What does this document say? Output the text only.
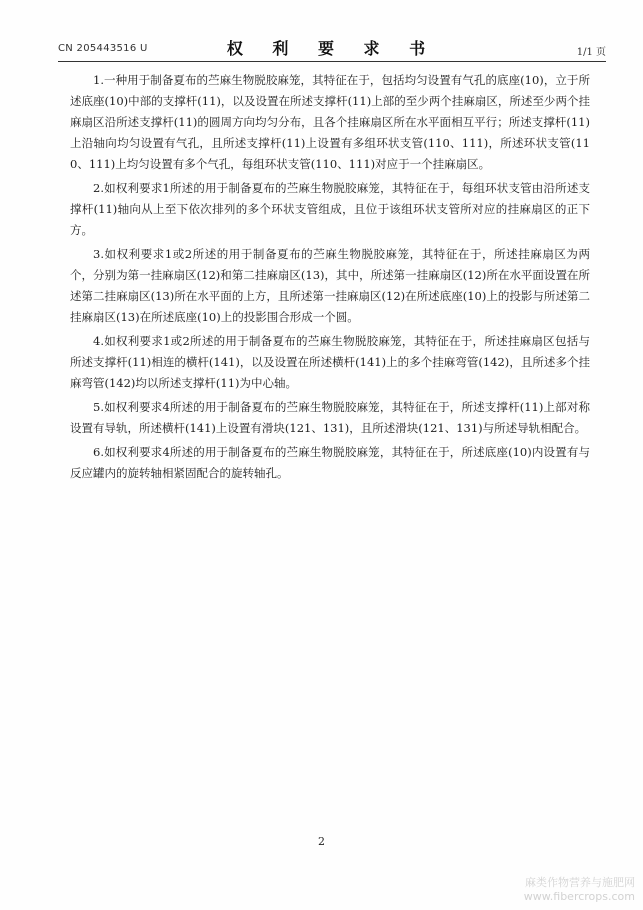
CN 205443516 U	权 利 要 求 书	1/1 页

1.一种用于制备夏布的苎麻生物脱胶麻笼，其特征在于，包括均匀设置有气孔的底座(10)，立于所述底座(10)中部的支撑杆(11)，以及设置在所述支撑杆(11)上部的至少两个挂麻扇区，所述至少两个挂麻扇区沿所述支撑杆(11)的圆周方向均匀分布，且各个挂麻扇区所在水平面相互平行；所述支撑杆(11)上沿轴向均匀设置有气孔，且所述支撑杆(11)上设置有多组环状支管(110、111)，所述环状支管(110、111)上均匀设置有多个气孔，每组环状支管(110、111)对应于一个挂麻扇区。

2.如权利要求1所述的用于制备夏布的苎麻生物脱胶麻笼，其特征在于，每组环状支管由沿所述支撑杆(11)轴向从上至下依次排列的多个环状支管组成，且位于该组环状支管所对应的挂麻扇区的正下方。

3.如权利要求1或2所述的用于制备夏布的苎麻生物脱胶麻笼，其特征在于，所述挂麻扇区为两个，分别为第一挂麻扇区(12)和第二挂麻扇区(13)，其中，所述第一挂麻扇区(12)所在水平面设置在所述第二挂麻扇区(13)所在水平面的上方，且所述第一挂麻扇区(12)在所述底座(10)上的投影与所述第二挂麻扇区(13)在所述底座(10)上的投影围合形成一个圆。

4.如权利要求1或2所述的用于制备夏布的苎麻生物脱胶麻笼，其特征在于，所述挂麻扇区包括与所述支撑杆(11)相连的横杆(141)，以及设置在所述横杆(141)上的多个挂麻弯管(142)，且所述多个挂麻弯管(142)均以所述支撑杆(11)为中心轴。

5.如权利要求4所述的用于制备夏布的苎麻生物脱胶麻笼，其特征在于，所述支撑杆(11)上部对称设置有导轨，所述横杆(141)上设置有滑块(121、131)，且所述滑块(121、131)与所述导轨相配合。

6.如权利要求4所述的用于制备夏布的苎麻生物脱胶麻笼，其特征在于，所述底座(10)内设置有与反应罐内的旋转轴相紧固配合的旋转轴孔。

2
麻类作物营养与施肥网
www.fibercrops.com
